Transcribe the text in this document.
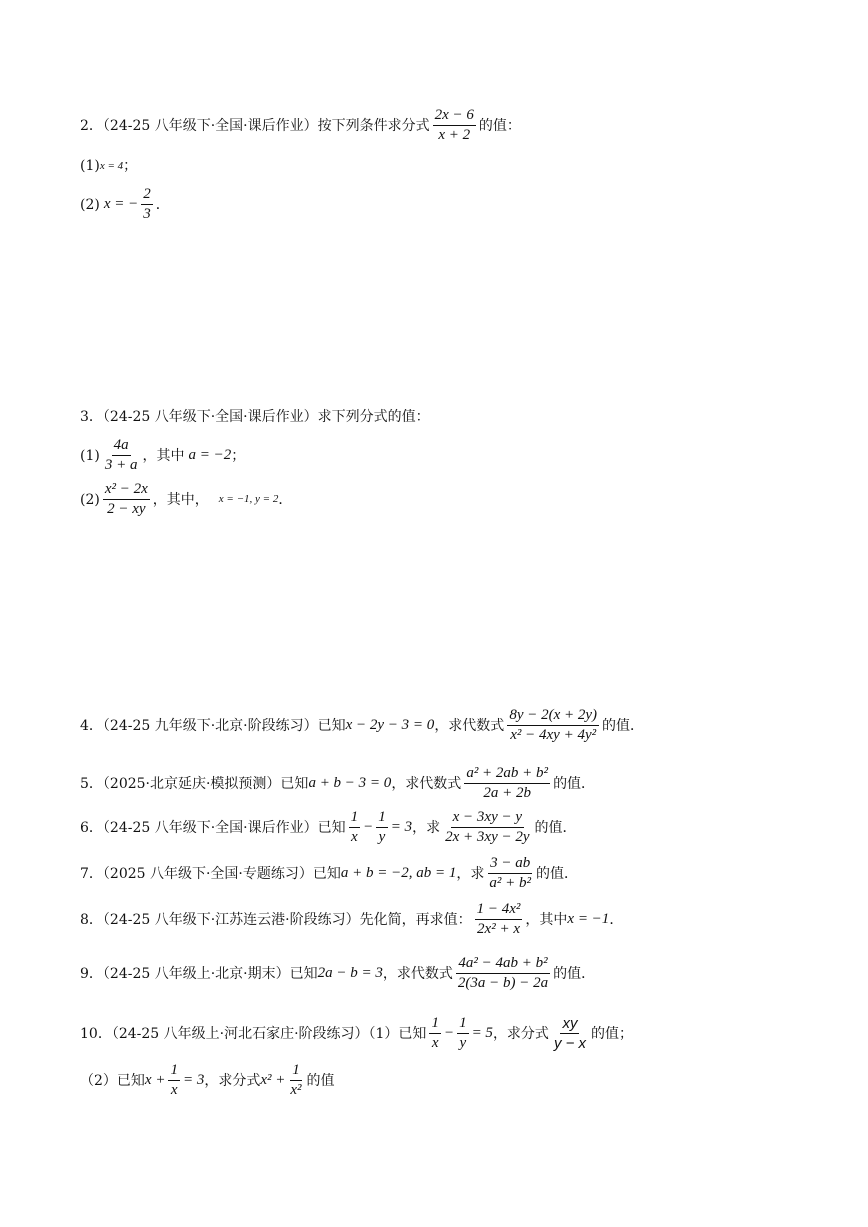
2．（24-25 八年级下·全国·课后作业）按下列条件求分式 $\frac{2x - 6}{x + 2}$ 的值：
(1) x = 4 ；
(2) x = − $\frac{2}{3}$ ．
3．（24-25 八年级下·全国·课后作业）求下列分式的值：
$(1) \frac{4a}{3 + a}$ ，其中 a = −2 ；
$(2) \frac{\text{x² − 2x}}{2 - xy}$ ，其中， x = −1, y = 2 ．
4．（24-25 九年级下·北京·阶段练习）已知 x − 2y − 3 = 0 ，求代数式 $\frac{8y - 2(x + 2y)}{\text{x² − 4xy + 4y²}}$ 的值．
5．（2025·北京延庆·模拟预测）已知 a + b − 3 = 0 ，求代数式 $\frac{\text{a² + 2ab + b²}}{2a + 2b}$ 的值．
6．（24-25 八年级下·全国·课后作业）已知 $\frac{1}{x} - \frac{1}{y} = 3$ ，求 $\frac{x - 3xy - y}{2x + 3xy - 2y}$ 的值．
7．（2025 八年级下·全国·专题练习）已知 a + b = −2, ab = 1 ，求 $\frac{3 - ab}{\text{a² + b²}}$ 的值．
8．（24-25 八年级下·江苏连云港·阶段练习）先化简，再求值： $\frac{\text{1 − 4x²}}{\text{2x² + x}}$ ，其中 x = −1 ．
9．（24-25 八年级上·北京·期末）已知 2a − b = 3 ，求代数式 $\frac{\text{4a² − 4ab + b²}}{2(3a - b) - 2a}$ 的值．
10．（24-25 八年级上·河北石家庄·阶段练习）（1）已知 $\frac{1}{x} - \frac{1}{y} = 5$ ，求分式 $\frac{xy}{y - x}$ 的值；
（2）已知 $x + \frac{1}{x} = 3$ ，求分式 $x^2 + \frac{1}{\text{x²}}$ 的值
